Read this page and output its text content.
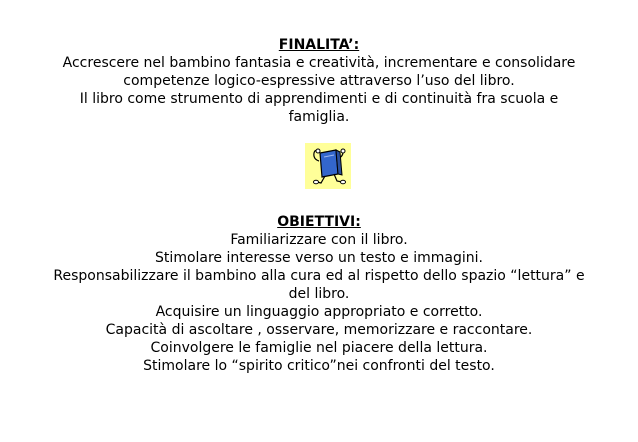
FINALITA’:
Accrescere nel bambino fantasia e creatività, incrementare e consolidare
competenze logico-espressive attraverso l’uso del libro.
Il libro come strumento di apprendimenti e di continuità fra scuola e
famiglia.
OBIETTIVI:
Familiarizzare con il libro.
Stimolare interesse verso un testo e immagini.
Responsabilizzare il bambino alla cura ed al rispetto dello spazio “lettura” e
del libro.
Acquisire un linguaggio appropriato e corretto.
Capacità di ascoltare , osservare, memorizzare e raccontare.
Coinvolgere le famiglie nel piacere della lettura.
Stimolare lo “spirito critico”nei confronti del testo.
